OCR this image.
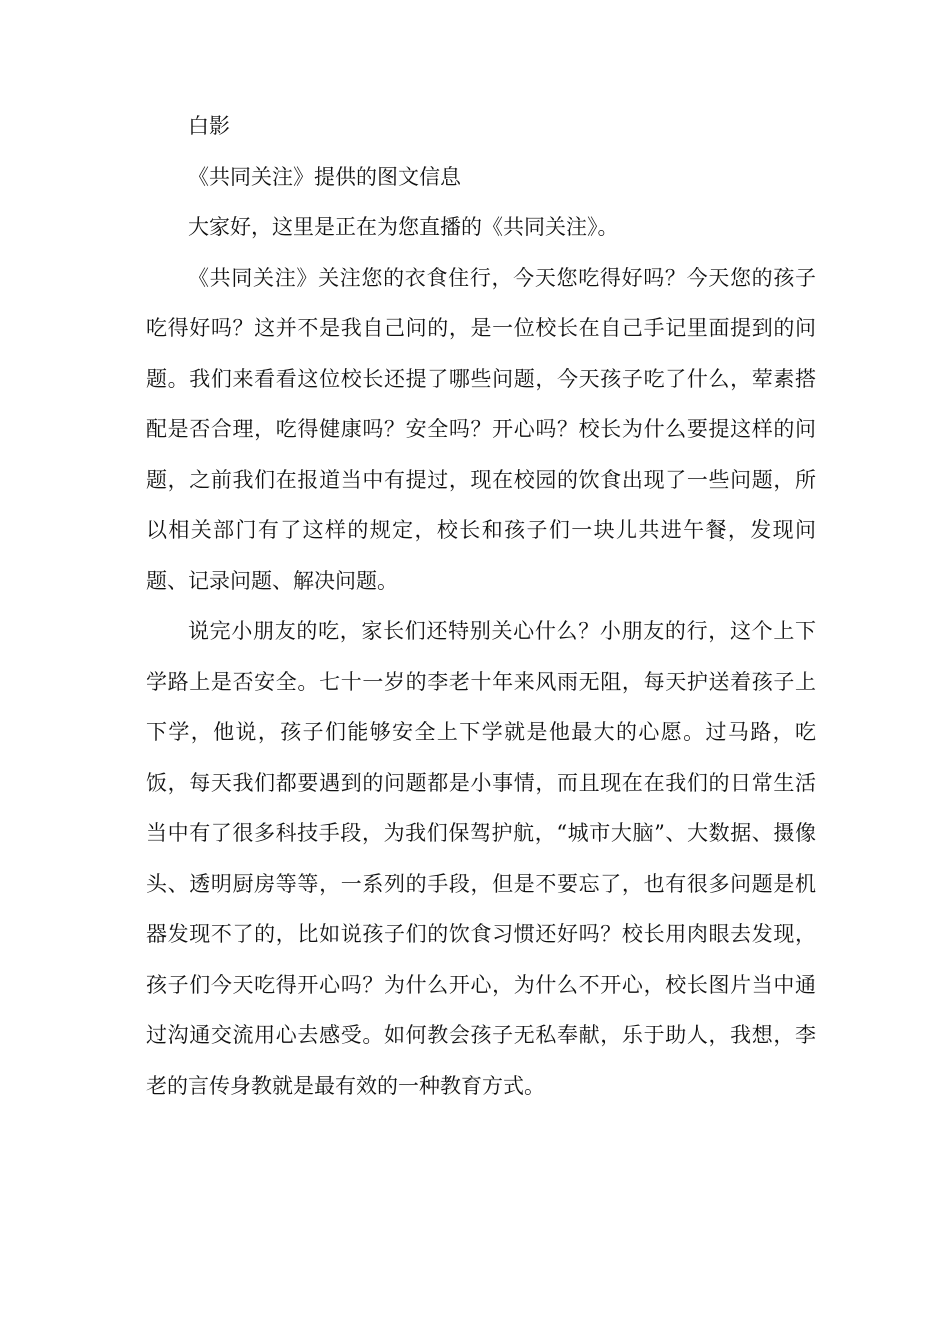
白影

《共同关注》提供的图文信息

大家好，这里是正在为您直播的《共同关注》。

《共同关注》关注您的衣食住行，今天您吃得好吗？今天您的孩子吃得好吗？这并不是我自己问的，是一位校长在自己手记里面提到的问题。我们来看看这位校长还提了哪些问题，今天孩子吃了什么，荤素搭配是否合理，吃得健康吗？安全吗？开心吗？校长为什么要提这样的问题，之前我们在报道当中有提过，现在校园的饮食出现了一些问题，所以相关部门有了这样的规定，校长和孩子们一块儿共进午餐，发现问题、记录问题、解决问题。

说完小朋友的吃，家长们还特别关心什么？小朋友的行，这个上下学路上是否安全。七十一岁的李老十年来风雨无阻，每天护送着孩子上下学，他说，孩子们能够安全上下学就是他最大的心愿。过马路，吃饭，每天我们都要遇到的问题都是小事情，而且现在在我们的日常生活当中有了很多科技手段，为我们保驾护航，“城市大脑”、大数据、摄像头、透明厨房等等，一系列的手段，但是不要忘了，也有很多问题是机器发现不了的，比如说孩子们的饮食习惯还好吗？校长用肉眼去发现，孩子们今天吃得开心吗？为什么开心，为什么不开心，校长图片当中通过沟通交流用心去感受。如何教会孩子无私奉献，乐于助人，我想，李老的言传身教就是最有效的一种教育方式。
